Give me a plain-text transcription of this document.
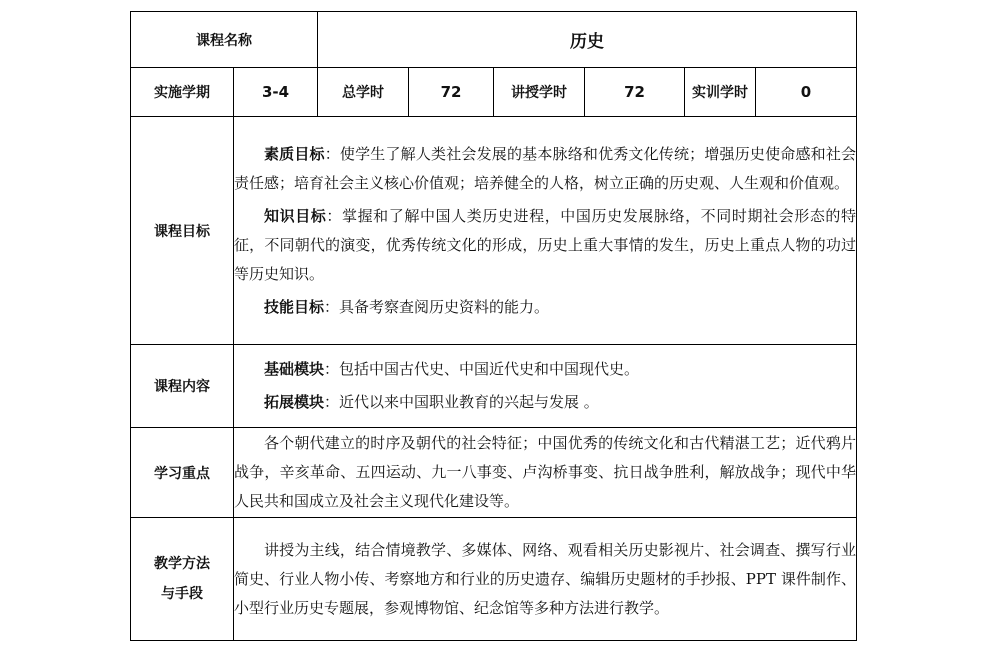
课程名称		历史					
实施学期	3-4	总学时	72	讲授学时	72	实训学时	0
课程目标	素质目标：使学生了解人类社会发展的基本脉络和优秀文化传统；增强历史使命感和社会责任感；培育社会主义核心价值观；培养健全的人格，树立正确的历史观、人生观和价值观。

知识目标：掌握和了解中国人类历史进程，中国历史发展脉络，不同时期社会形态的特征，不同朝代的演变，优秀传统文化的形成，历史上重大事情的发生，历史上重点人物的功过等历史知识。

技能目标：具备考察查阅历史资料的能力。						

课程内容	基础模块：包括中国古代史、中国近代史和中国现代史。

拓展模块：近代以来中国职业教育的兴起与发展 。						

学习重点	各个朝代建立的时序及朝代的社会特征；中国优秀的传统文化和古代精湛工艺；近代鸦片战争，辛亥革命、五四运动、九一八事变、卢沟桥事变、抗日战争胜利，解放战争；现代中华人民共和国成立及社会主义现代化建设等。						

教学方法
与手段	讲授为主线，结合情境教学、多媒体、网络、观看相关历史影视片、社会调查、撰写行业简史、行业人物小传、考察地方和行业的历史遗存、编辑历史题材的手抄报、PPT 课件制作、小型行业历史专题展，参观博物馆、纪念馆等多种方法进行教学。						
